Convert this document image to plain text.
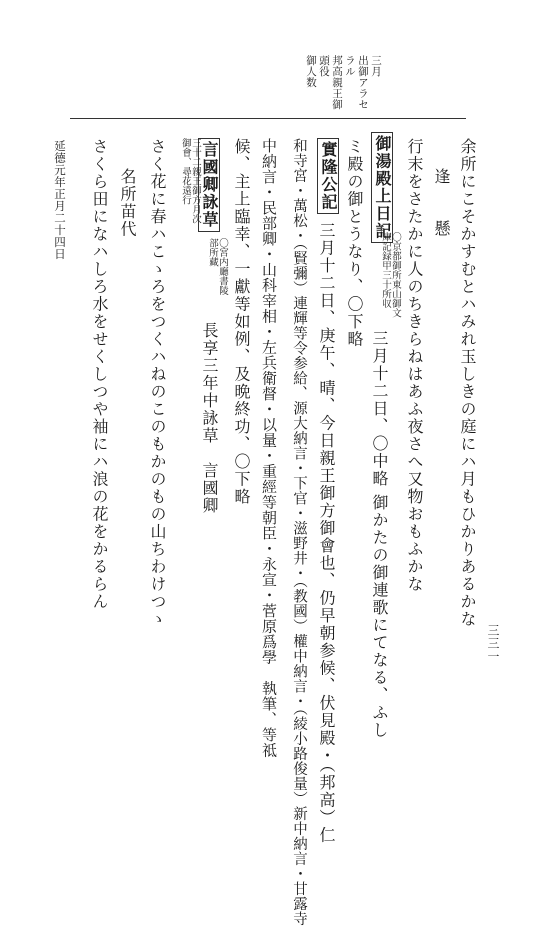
三月
出御アラセ
ラル
邦高親王御
頭役
御人数
余所にこそかすむとハみれ玉しきの庭にハ月もひかりあるかな
逢　懸
行末をさたかに人のちきらねはあふ夜さへ又物おもふかな
御湯殿上日記
〇京都御所東山御文庫記録甲三十所収
三月十二日、〇中略 御かたの御連歌にてなる、ふし
ミ殿の御とうなり、〇下略
實隆公記
三月十二日、庚午、晴、今日親王御方御會也、仍早朝参候、伏見殿・（邦高）仁
和寺宮・萬松・（賢彌）連輝等令参給、源大納言・下官・滋野井・（教國）權中納言・（綾小路俊量）新中納言・甘露寺
中納言・民部卿・山科宰相・左兵衛督・以量・重經等朝臣・永宣・菅原爲學　執筆、等祗
候、主上臨幸、一獻等如例、及晩終功、〇下略
言國卿詠草
〇宮内廳書陵部所藏
長享三年中詠草　言國卿
三十二親王御方月次御會、尋花遠行
さく花に春ハこゝろをつくハねのこのもかのもの山ちわけつゝ
名所苗代
さくら田になハしろ水をせくしつや袖にハ浪の花をかるらん
延德元年正月二十四日
三三一
